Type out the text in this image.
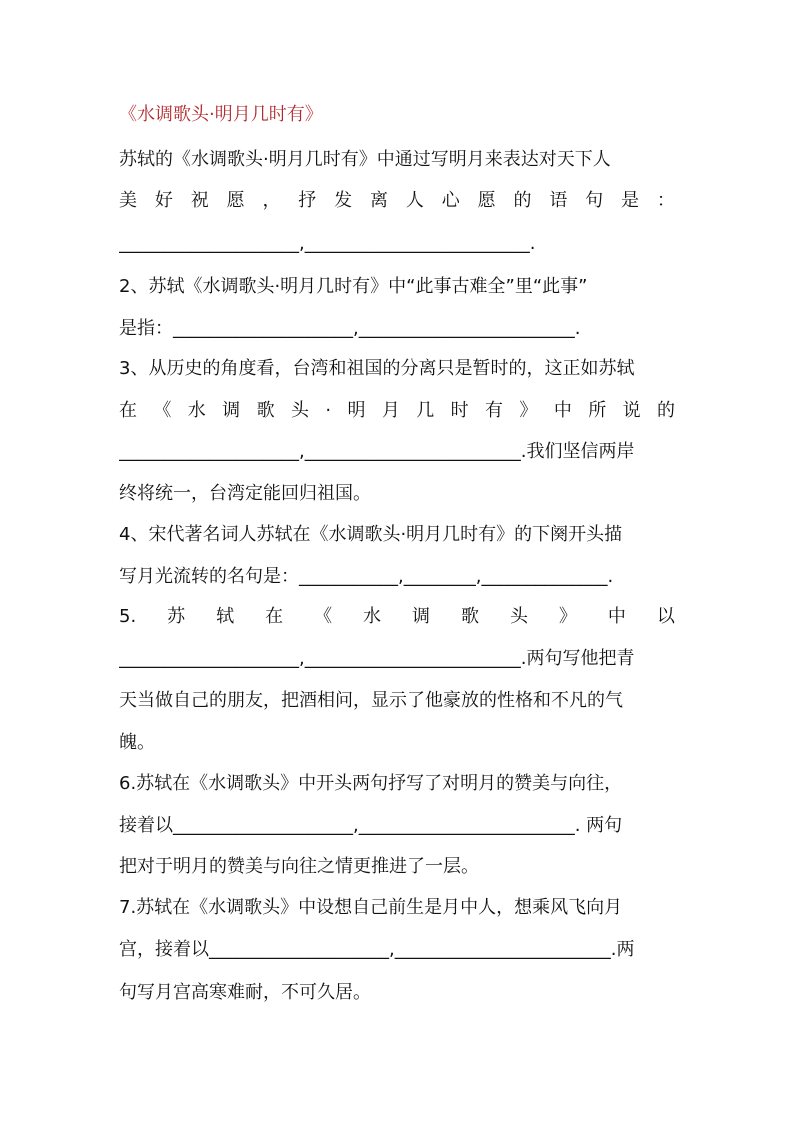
《水调歌头·明月几时有》
苏轼的《水调歌头·明月几时有》中通过写明月来表达对天下人
美 好 祝 愿 ， 抒 发 离 人 心 愿 的 语 句 是 ：
____________________,_________________________.
2、苏轼《水调歌头·明月几时有》中“此事古难全”里“此事”
是指：____________________,________________________.
3、从历史的角度看，台湾和祖国的分离只是暂时的，这正如苏轼
在 《 水 调 歌 头 · 明 月 几 时 有 》 中 所 说 的
____________________,________________________.我们坚信两岸
终将统一，台湾定能回归祖国。
4、宋代著名词人苏轼在《水调歌头·明月几时有》的下阕开头描
写月光流转的名句是：___________,________,______________.
5. 苏 轼 在 《 水 调 歌 头 》 中 以
____________________,________________________.两句写他把青
天当做自己的朋友，把酒相问，显示了他豪放的性格和不凡的气
魄。
6.苏轼在《水调歌头》中开头两句抒写了对明月的赞美与向往，
接着以____________________,________________________. 两句
把对于明月的赞美与向往之情更推进了一层。
7.苏轼在《水调歌头》中设想自己前生是月中人，想乘风飞向月
宫，接着以____________________,________________________.两
句写月宫高寒难耐，不可久居。
